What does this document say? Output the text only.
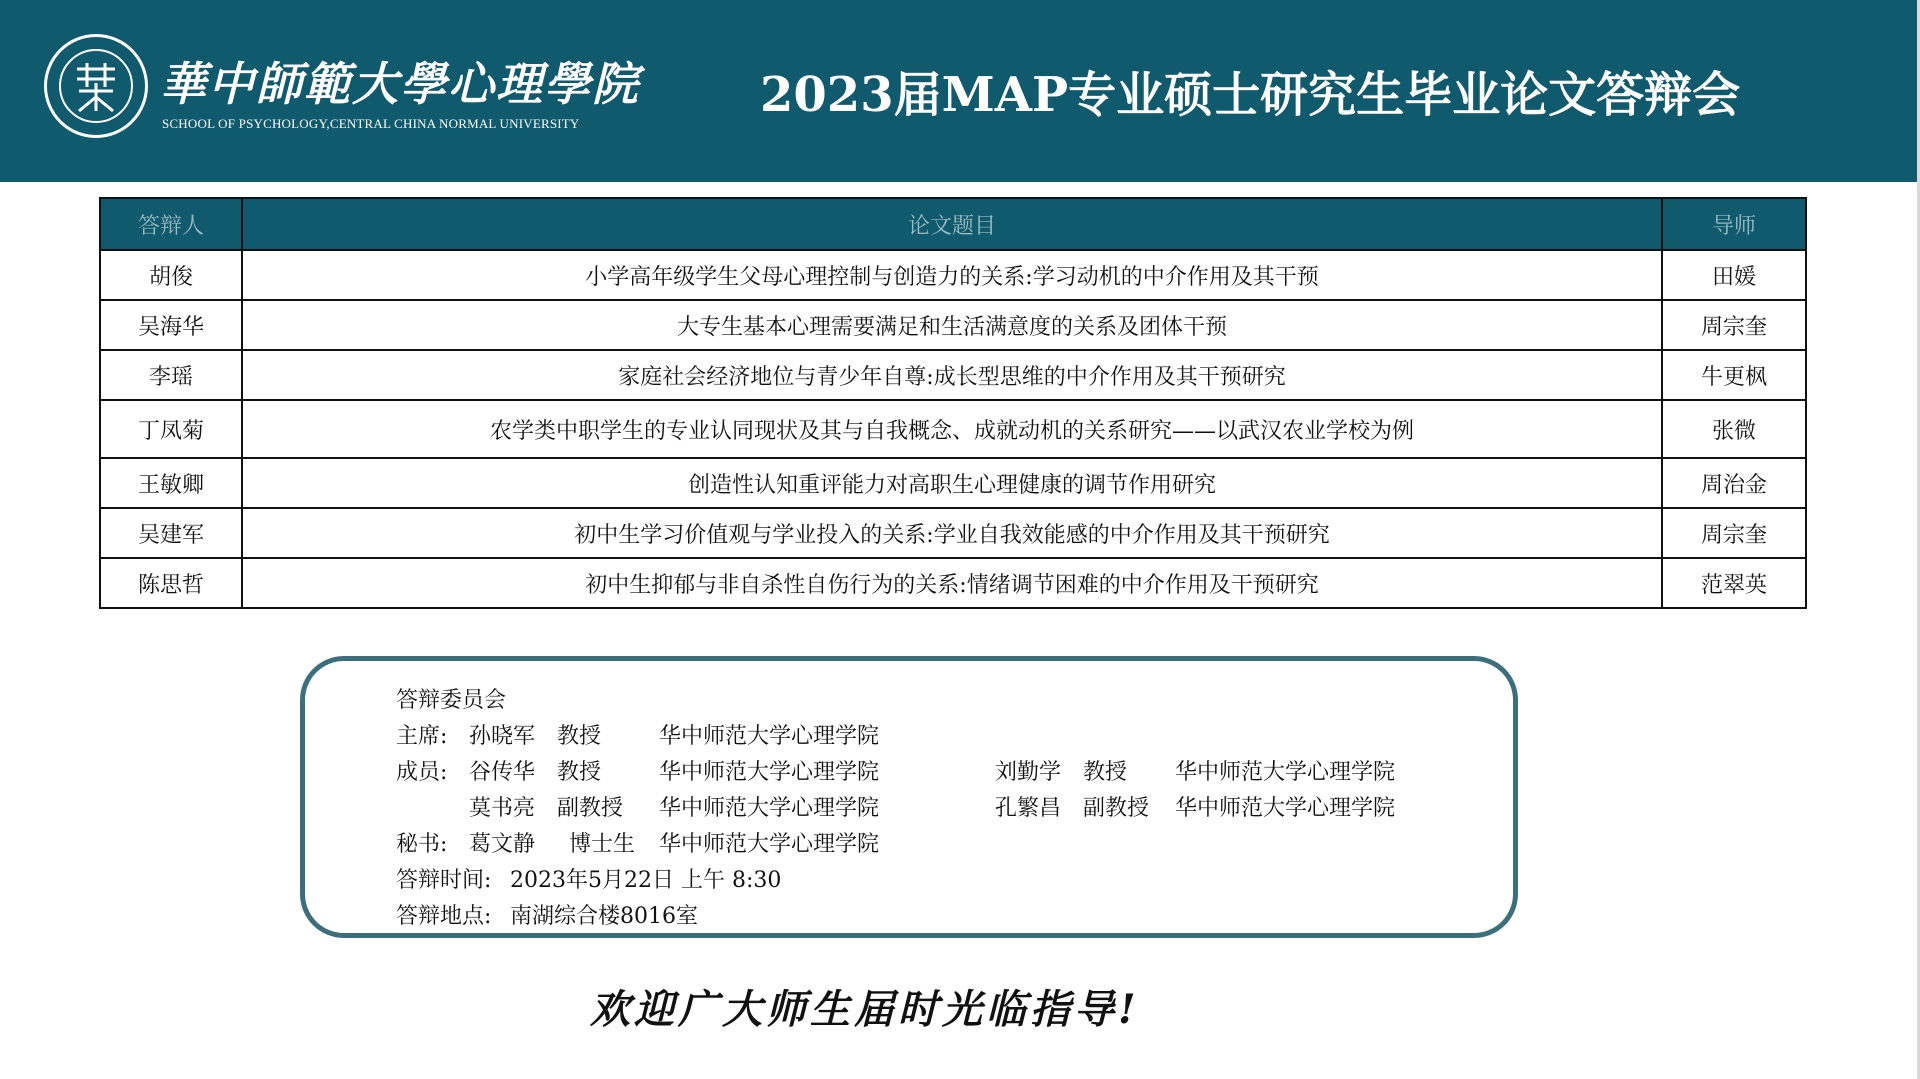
華中師範大學心理學院
SCHOOL OF PSYCHOLOGY,CENTRAL CHINA NORMAL UNIVERSITY
2023届MAP专业硕士研究生毕业论文答辩会
答辩人	论文题目	导师
胡俊	小学高年级学生父母心理控制与创造力的关系:学习动机的中介作用及其干预	田媛
吴海华	大专生基本心理需要满足和生活满意度的关系及团体干预	周宗奎
李瑶	家庭社会经济地位与青少年自尊:成长型思维的中介作用及其干预研究	牛更枫
丁凤菊	农学类中职学生的专业认同现状及其与自我概念、成就动机的关系研究——以武汉农业学校为例	张微
王敏卿	创造性认知重评能力对高职生心理健康的调节作用研究	周治金
吴建军	初中生学习价值观与学业投入的关系:学业自我效能感的中介作用及其干预研究	周宗奎
陈思哲	初中生抑郁与非自杀性自伤行为的关系:情绪调节困难的中介作用及干预研究	范翠英
答辩委员会
主席: 孙晓军 教授	华中师范大学心理学院
成员: 谷传华 教授	华中师范大学心理学院	刘勤学 教授 华中师范大学心理学院
莫书亮 副教授 华中师范大学心理学院	孔繁昌 副教授 华中师范大学心理学院
秘书: 葛文静 博士生 华中师范大学心理学院
答辩时间: 2023年5月22日 上午 8:30
答辩地点: 南湖综合楼8016室
欢迎广大师生届时光临指导!
